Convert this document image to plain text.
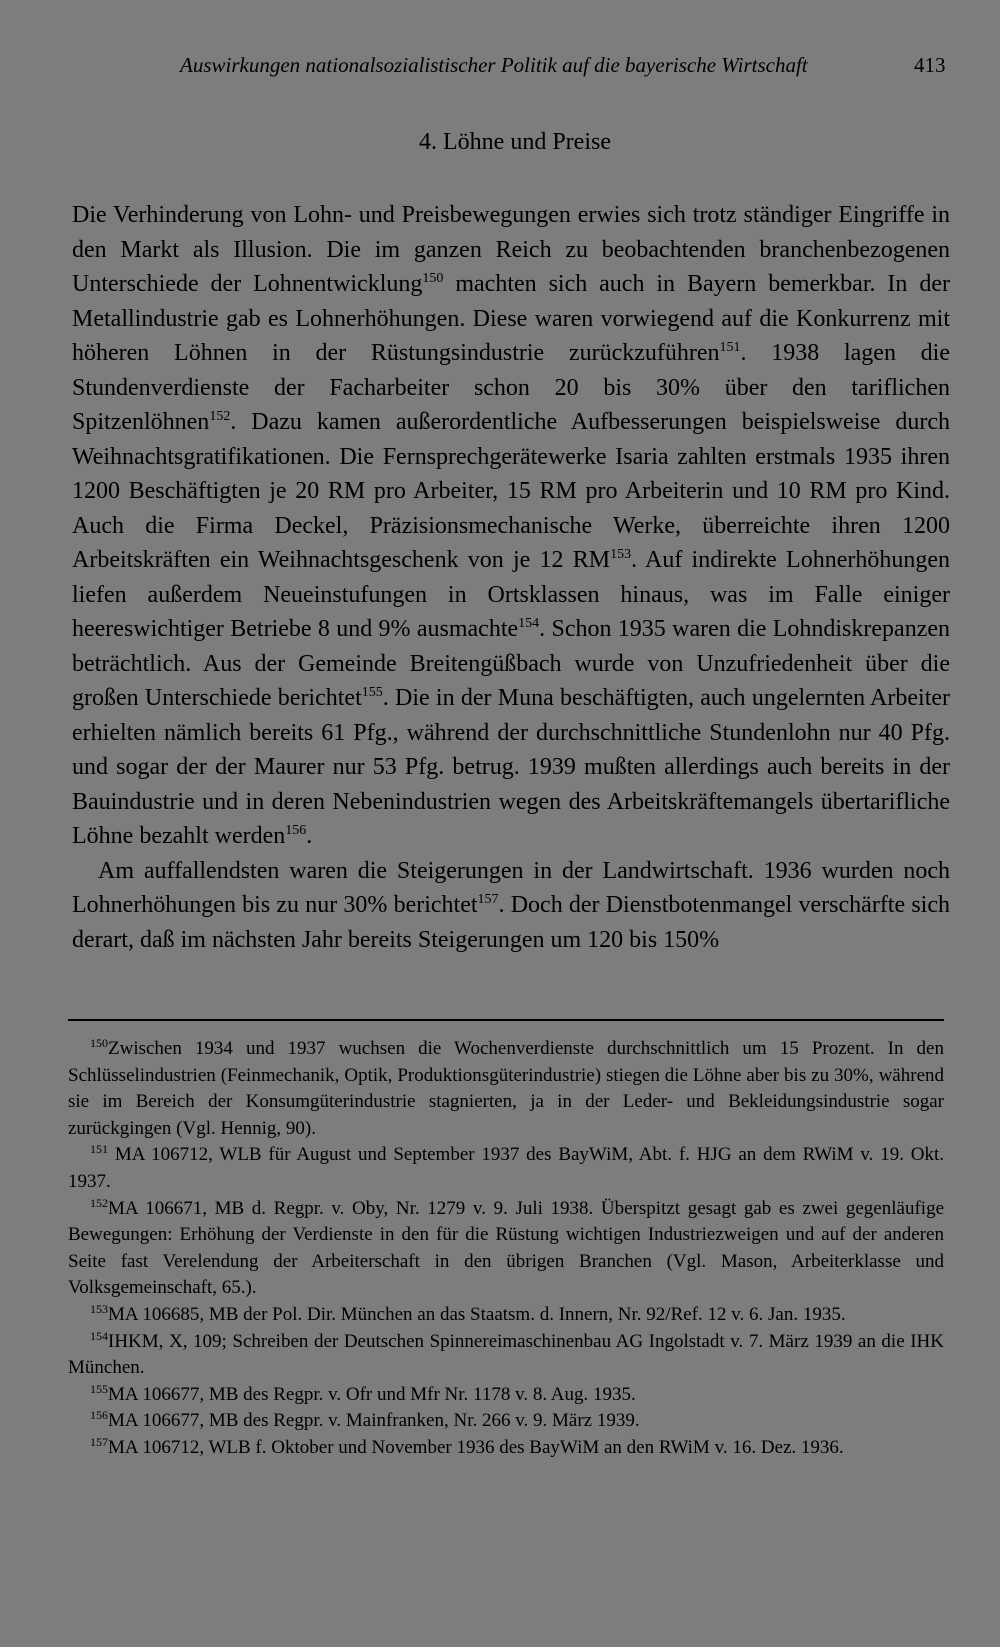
Auswirkungen nationalsozialistischer Politik auf die bayerische Wirtschaft	413
4. Löhne und Preise

Die Verhinderung von Lohn- und Preisbewegungen erwies sich trotz ständiger Eingriffe in den Markt als Illusion. Die im ganzen Reich zu beobachtenden branchenbezogenen Unterschiede der Lohnentwicklung$^{150}$ machten sich auch in Bayern bemerkbar. In der Metallindustrie gab es Lohnerhöhungen. Diese waren vorwiegend auf die Konkurrenz mit höheren Löhnen in der Rüstungsindustrie zurückzuführen$^{151}$. 1938 lagen die Stundenverdienste der Facharbeiter schon 20 bis 30% über den tariflichen Spitzenlöhnen$^{152}$. Dazu kamen außerordentliche Aufbesserungen beispielsweise durch Weihnachtsgratifikationen. Die Fernsprechgerätewerke Isaria zahlten erstmals 1935 ihren 1200 Beschäftigten je 20 RM pro Arbeiter, 15 RM pro Arbeiterin und 10 RM pro Kind. Auch die Firma Deckel, Präzisionsmechanische Werke, überreichte ihren 1200 Arbeitskräften ein Weihnachtsgeschenk von je 12 RM$^{153}$. Auf indirekte Lohnerhöhungen liefen außerdem Neueinstufungen in Ortsklassen hinaus, was im Falle einiger heereswichtiger Betriebe 8 und 9% ausmachte$^{154}$. Schon 1935 waren die Lohndiskrepanzen beträchtlich. Aus der Gemeinde Breitengüßbach wurde von Unzufriedenheit über die großen Unterschiede berichtet$^{155}$. Die in der Muna beschäftigten, auch ungelernten Arbeiter erhielten nämlich bereits 61 Pfg., während der durchschnittliche Stundenlohn nur 40 Pfg. und sogar der der Maurer nur 53 Pfg. betrug. 1939 mußten allerdings auch bereits in der Bauindustrie und in deren Nebenindustrien wegen des Arbeitskräftemangels übertarifliche Löhne bezahlt werden$^{156}$.

Am auffallendsten waren die Steigerungen in der Landwirtschaft. 1936 wurden noch Lohnerhöhungen bis zu nur 30% berichtet$^{157}$. Doch der Dienstbotenmangel verschärfte sich derart, daß im nächsten Jahr bereits Steigerungen um 120 bis 150%

$^{150}$Zwischen 1934 und 1937 wuchsen die Wochenverdienste durchschnittlich um 15 Prozent. In den Schlüsselindustrien (Feinmechanik, Optik, Produktionsgüterindustrie) stiegen die Löhne aber bis zu 30%, während sie im Bereich der Konsumgüterindustrie stagnierten, ja in der Leder- und Bekleidungsindustrie sogar zurückgingen (Vgl. Hennig, 90).

$^{151}$ MA 106712, WLB für August und September 1937 des BayWiM, Abt. f. HJG an dem RWiM v. 19. Okt. 1937.

$^{152}$MA 106671, MB d. Regpr. v. Oby, Nr. 1279 v. 9. Juli 1938. Überspitzt gesagt gab es zwei gegenläufige Bewegungen: Erhöhung der Verdienste in den für die Rüstung wichtigen Industriezweigen und auf der anderen Seite fast Verelendung der Arbeiterschaft in den übrigen Branchen (Vgl. Mason, Arbeiterklasse und Volksgemeinschaft, 65.).

$^{153}$MA 106685, MB der Pol. Dir. München an das Staatsm. d. Innern, Nr. 92/Ref. 12 v. 6. Jan. 1935.

$^{154}$IHKM, X, 109; Schreiben der Deutschen Spinnereimaschinenbau AG Ingolstadt v. 7. März 1939 an die IHK München.

$^{155}$MA 106677, MB des Regpr. v. Ofr und Mfr Nr. 1178 v. 8. Aug. 1935.

$^{156}$MA 106677, MB des Regpr. v. Mainfranken, Nr. 266 v. 9. März 1939.

$^{157}$MA 106712, WLB f. Oktober und November 1936 des BayWiM an den RWiM v. 16. Dez. 1936.
